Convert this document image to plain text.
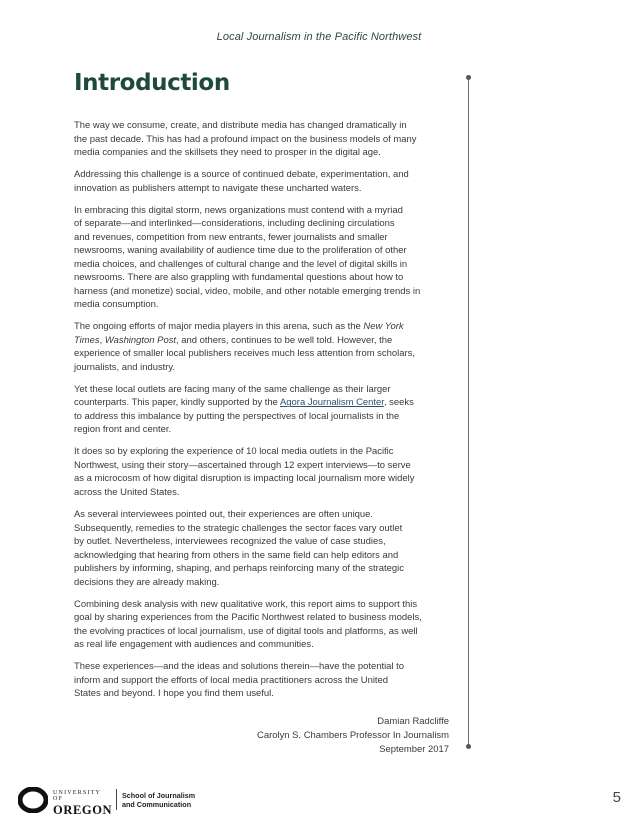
Local Journalism in the Pacific Northwest
Introduction

The way we consume, create, and distribute media has changed dramatically in
the past decade. This has had a profound impact on the business models of many
media companies and the skillsets they need to prosper in the digital age.

Addressing this challenge is a source of continued debate, experimentation, and
innovation as publishers attempt to navigate these uncharted waters.

In embracing this digital storm, news organizations must contend with a myriad
of separate—and interlinked—considerations, including declining circulations
and revenues, competition from new entrants, fewer journalists and smaller
newsrooms, waning availability of audience time due to the proliferation of other
media choices, and challenges of cultural change and the level of digital skills in
newsrooms. There are also grappling with fundamental questions about how to
harness (and monetize) social, video, mobile, and other notable emerging trends in
media consumption.

The ongoing efforts of major media players in this arena, such as the New York
Times, Washington Post, and others, continues to be well told. However, the
experience of smaller local publishers receives much less attention from scholars,
journalists, and industry.

Yet these local outlets are facing many of the same challenge as their larger
counterparts. This paper, kindly supported by the Agora Journalism Center, seeks
to address this imbalance by putting the perspectives of local journalists in the
region front and center.

It does so by exploring the experience of 10 local media outlets in the Pacific
Northwest, using their story—ascertained through 12 expert interviews—to serve
as a microcosm of how digital disruption is impacting local journalism more widely
across the United States.

As several interviewees pointed out, their experiences are often unique.
Subsequently, remedies to the strategic challenges the sector faces vary outlet
by outlet. Nevertheless, interviewees recognized the value of case studies,
acknowledging that hearing from others in the same field can help editors and
publishers by informing, shaping, and perhaps reinforcing many of the strategic
decisions they are already making.

Combining desk analysis with new qualitative work, this report aims to support this
goal by sharing experiences from the Pacific Northwest related to business models,
the evolving practices of local journalism, use of digital tools and platforms, as well
as real life engagement with audiences and communities.

These experiences—and the ideas and solutions therein—have the potential to
inform and support the efforts of local media practitioners across the United
States and beyond. I hope you find them useful.

Damian Radcliffe
Carolyn S. Chambers Professor In Journalism
September 2017
UNIVERSITY OF
OREGON
School of Journalism
and Communication	5
